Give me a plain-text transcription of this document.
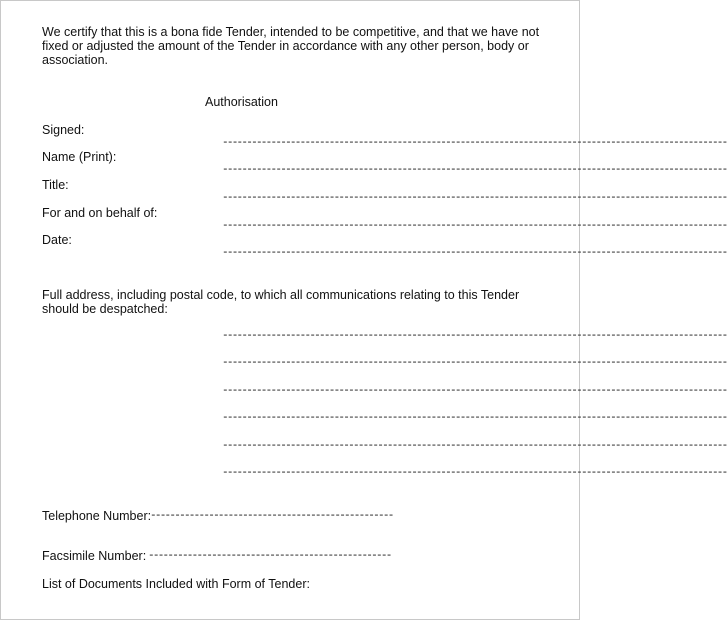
We certify that this is a bona fide Tender, intended to be competitive, and that we have not fixed or adjusted the amount of the Tender in accordance with any other person, body or association.
Authorisation
Signed:
--------------------------------------------------------------------------------------------------------
Name (Print):
--------------------------------------------------------------------------------------------------------
Title:
--------------------------------------------------------------------------------------------------------
For and on behalf of:
--------------------------------------------------------------------------------------------------------
Date:
--------------------------------------------------------------------------------------------------------
Full address, including postal code, to which all communications relating to this Tender should be despatched:
--------------------------------------------------------------------------------------------------------
--------------------------------------------------------------------------------------------------------
--------------------------------------------------------------------------------------------------------
--------------------------------------------------------------------------------------------------------
--------------------------------------------------------------------------------------------------------
--------------------------------------------------------------------------------------------------------
Telephone Number:
--------------------------------------------------
Facsimile Number: --------------------------------------------------
List of Documents Included with Form of Tender:
